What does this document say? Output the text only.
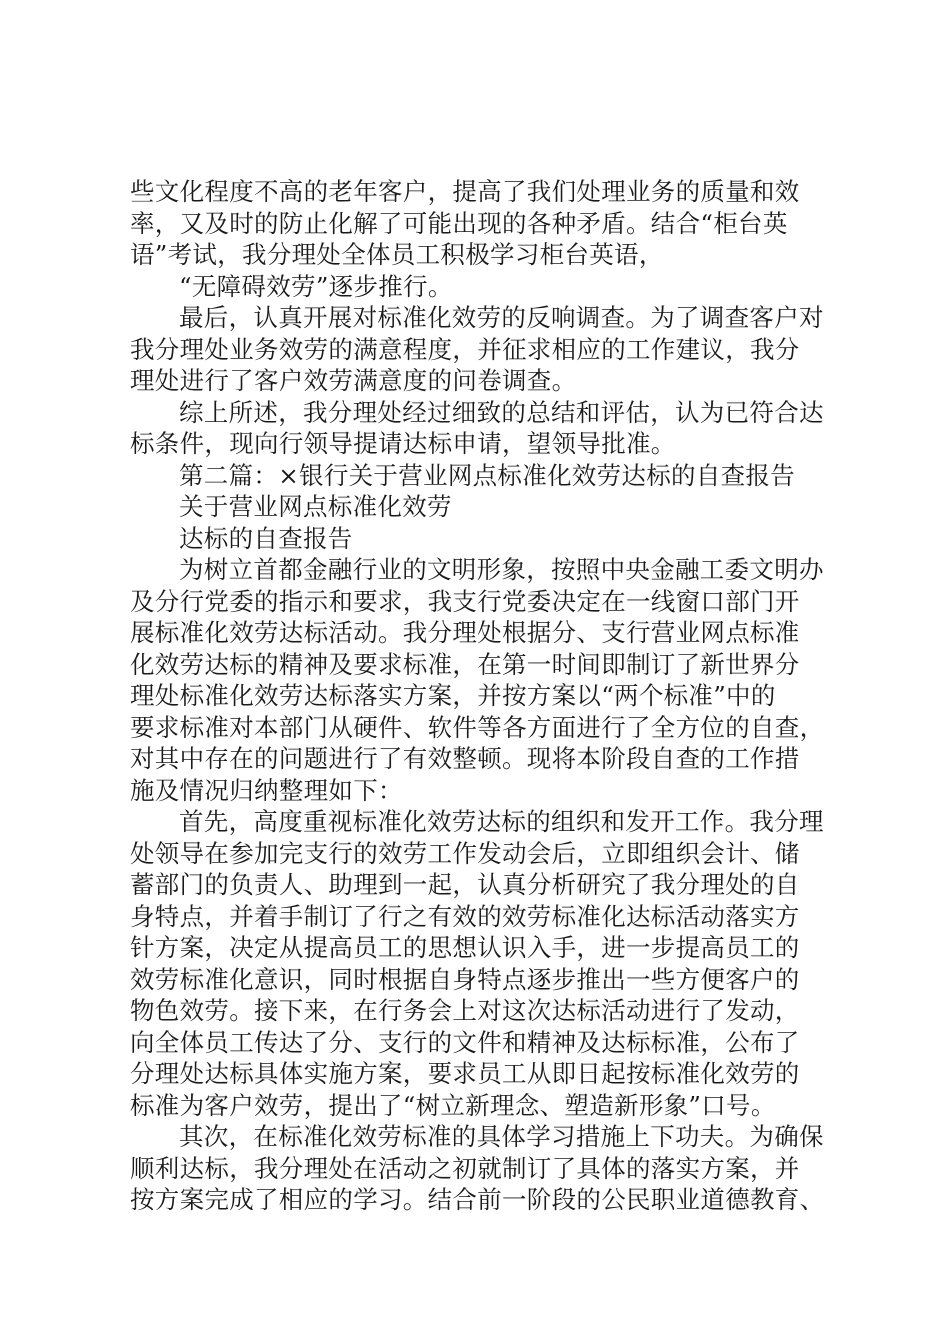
些文化程度不高的老年客户，提高了我们处理业务的质量和效
率，又及时的防止化解了可能出现的各种矛盾。结合“柜台英
语”考试，我分理处全体员工积极学习柜台英语，
“无障碍效劳”逐步推行。
最后，认真开展对标准化效劳的反响调查。为了调查客户对
我分理处业务效劳的满意程度，并征求相应的工作建议，我分
理处进行了客户效劳满意度的问卷调查。
综上所述，我分理处经过细致的总结和评估，认为已符合达
标条件，现向行领导提请达标申请，望领导批准。
第二篇：×银行关于营业网点标准化效劳达标的自查报告
关于营业网点标准化效劳
达标的自查报告
为树立首都金融行业的文明形象，按照中央金融工委文明办
及分行党委的指示和要求，我支行党委决定在一线窗口部门开
展标准化效劳达标活动。我分理处根据分、支行营业网点标准
化效劳达标的精神及要求标准，在第一时间即制订了新世界分
理处标准化效劳达标落实方案，并按方案以“两个标准”中的
要求标准对本部门从硬件、软件等各方面进行了全方位的自查，
对其中存在的问题进行了有效整顿。现将本阶段自查的工作措
施及情况归纳整理如下：
首先，高度重视标准化效劳达标的组织和发开工作。我分理
处领导在参加完支行的效劳工作发动会后，立即组织会计、储
蓄部门的负责人、助理到一起，认真分析研究了我分理处的自
身特点，并着手制订了行之有效的效劳标准化达标活动落实方
针方案，决定从提高员工的思想认识入手，进一步提高员工的
效劳标准化意识，同时根据自身特点逐步推出一些方便客户的
物色效劳。接下来，在行务会上对这次达标活动进行了发动，
向全体员工传达了分、支行的文件和精神及达标标准，公布了
分理处达标具体实施方案，要求员工从即日起按标准化效劳的
标准为客户效劳，提出了“树立新理念、塑造新形象”口号。
其次，在标准化效劳标准的具体学习措施上下功夫。为确保
顺利达标，我分理处在活动之初就制订了具体的落实方案，并
按方案完成了相应的学习。结合前一阶段的公民职业道德教育、
